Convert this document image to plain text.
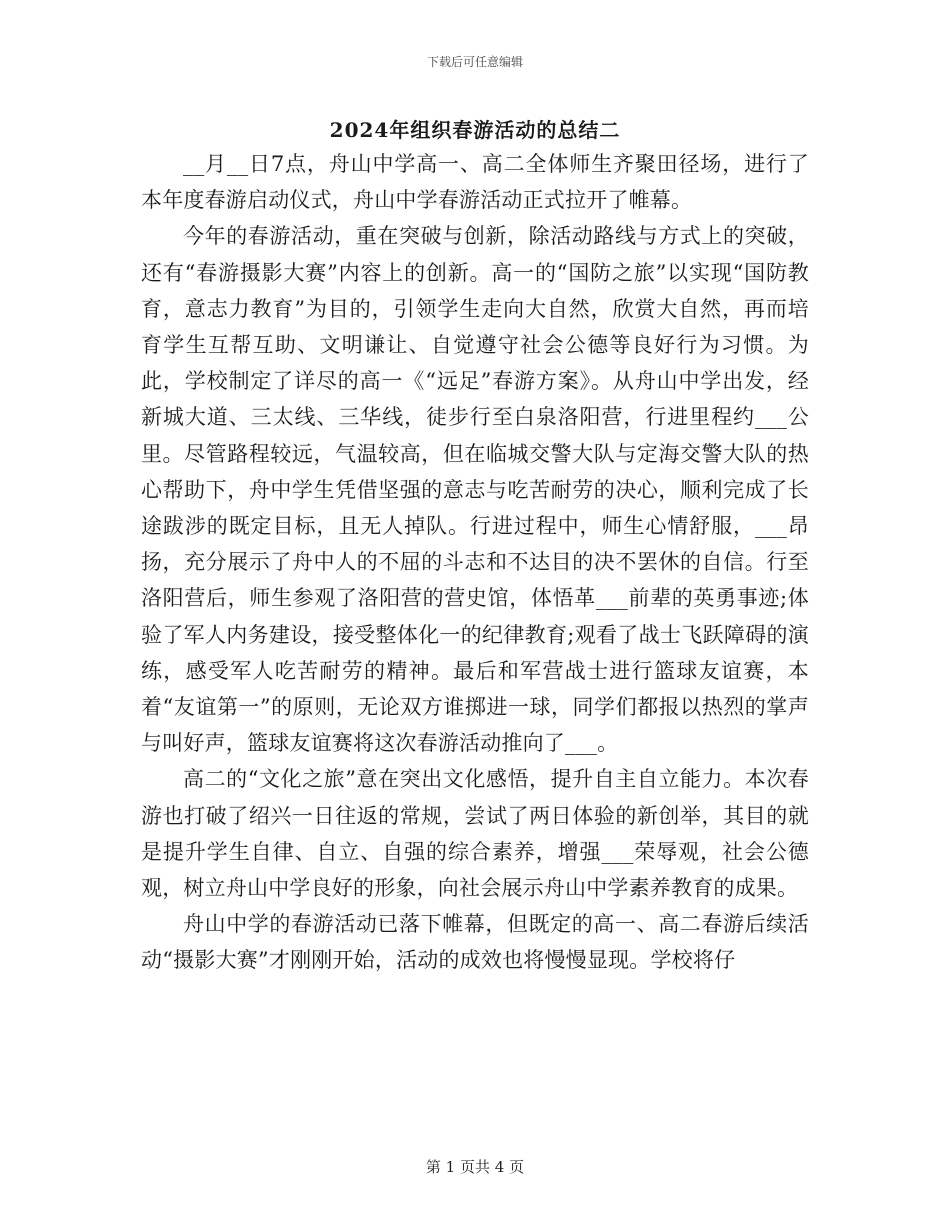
下载后可任意编辑
2024年组织春游活动的总结二

__月__日7点，舟山中学高一、高二全体师生齐聚田径场，进行了本年度春游启动仪式，舟山中学春游活动正式拉开了帷幕。

今年的春游活动，重在突破与创新，除活动路线与方式上的突破，还有“春游摄影大赛”内容上的创新。高一的“国防之旅”以实现“国防教育，意志力教育”为目的，引领学生走向大自然，欣赏大自然，再而培育学生互帮互助、文明谦让、自觉遵守社会公德等良好行为习惯。为此，学校制定了详尽的高一《“远足”春游方案》。从舟山中学出发，经新城大道、三太线、三华线，徒步行至白泉洛阳营，行进里程约___公里。尽管路程较远，气温较高，但在临城交警大队与定海交警大队的热心帮助下，舟中学生凭借坚强的意志与吃苦耐劳的决心，顺利完成了长途跋涉的既定目标，且无人掉队。行进过程中，师生心情舒服，___昂扬，充分展示了舟中人的不屈的斗志和不达目的决不罢休的自信。行至洛阳营后，师生参观了洛阳营的营史馆，体悟革___前辈的英勇事迹;体验了军人内务建设，接受整体化一的纪律教育;观看了战士飞跃障碍的演练，感受军人吃苦耐劳的精神。最后和军营战士进行篮球友谊赛，本着“友谊第一”的原则，无论双方谁掷进一球，同学们都报以热烈的掌声与叫好声，篮球友谊赛将这次春游活动推向了___。

高二的“文化之旅”意在突出文化感悟，提升自主自立能力。本次春游也打破了绍兴一日往返的常规，尝试了两日体验的新创举，其目的就是提升学生自律、自立、自强的综合素养，增强___荣辱观，社会公德观，树立舟山中学良好的形象，向社会展示舟山中学素养教育的成果。

舟山中学的春游活动已落下帷幕，但既定的高一、高二春游后续活动“摄影大赛”才刚刚开始，活动的成效也将慢慢显现。学校将仔

第 1 页共 4 页
